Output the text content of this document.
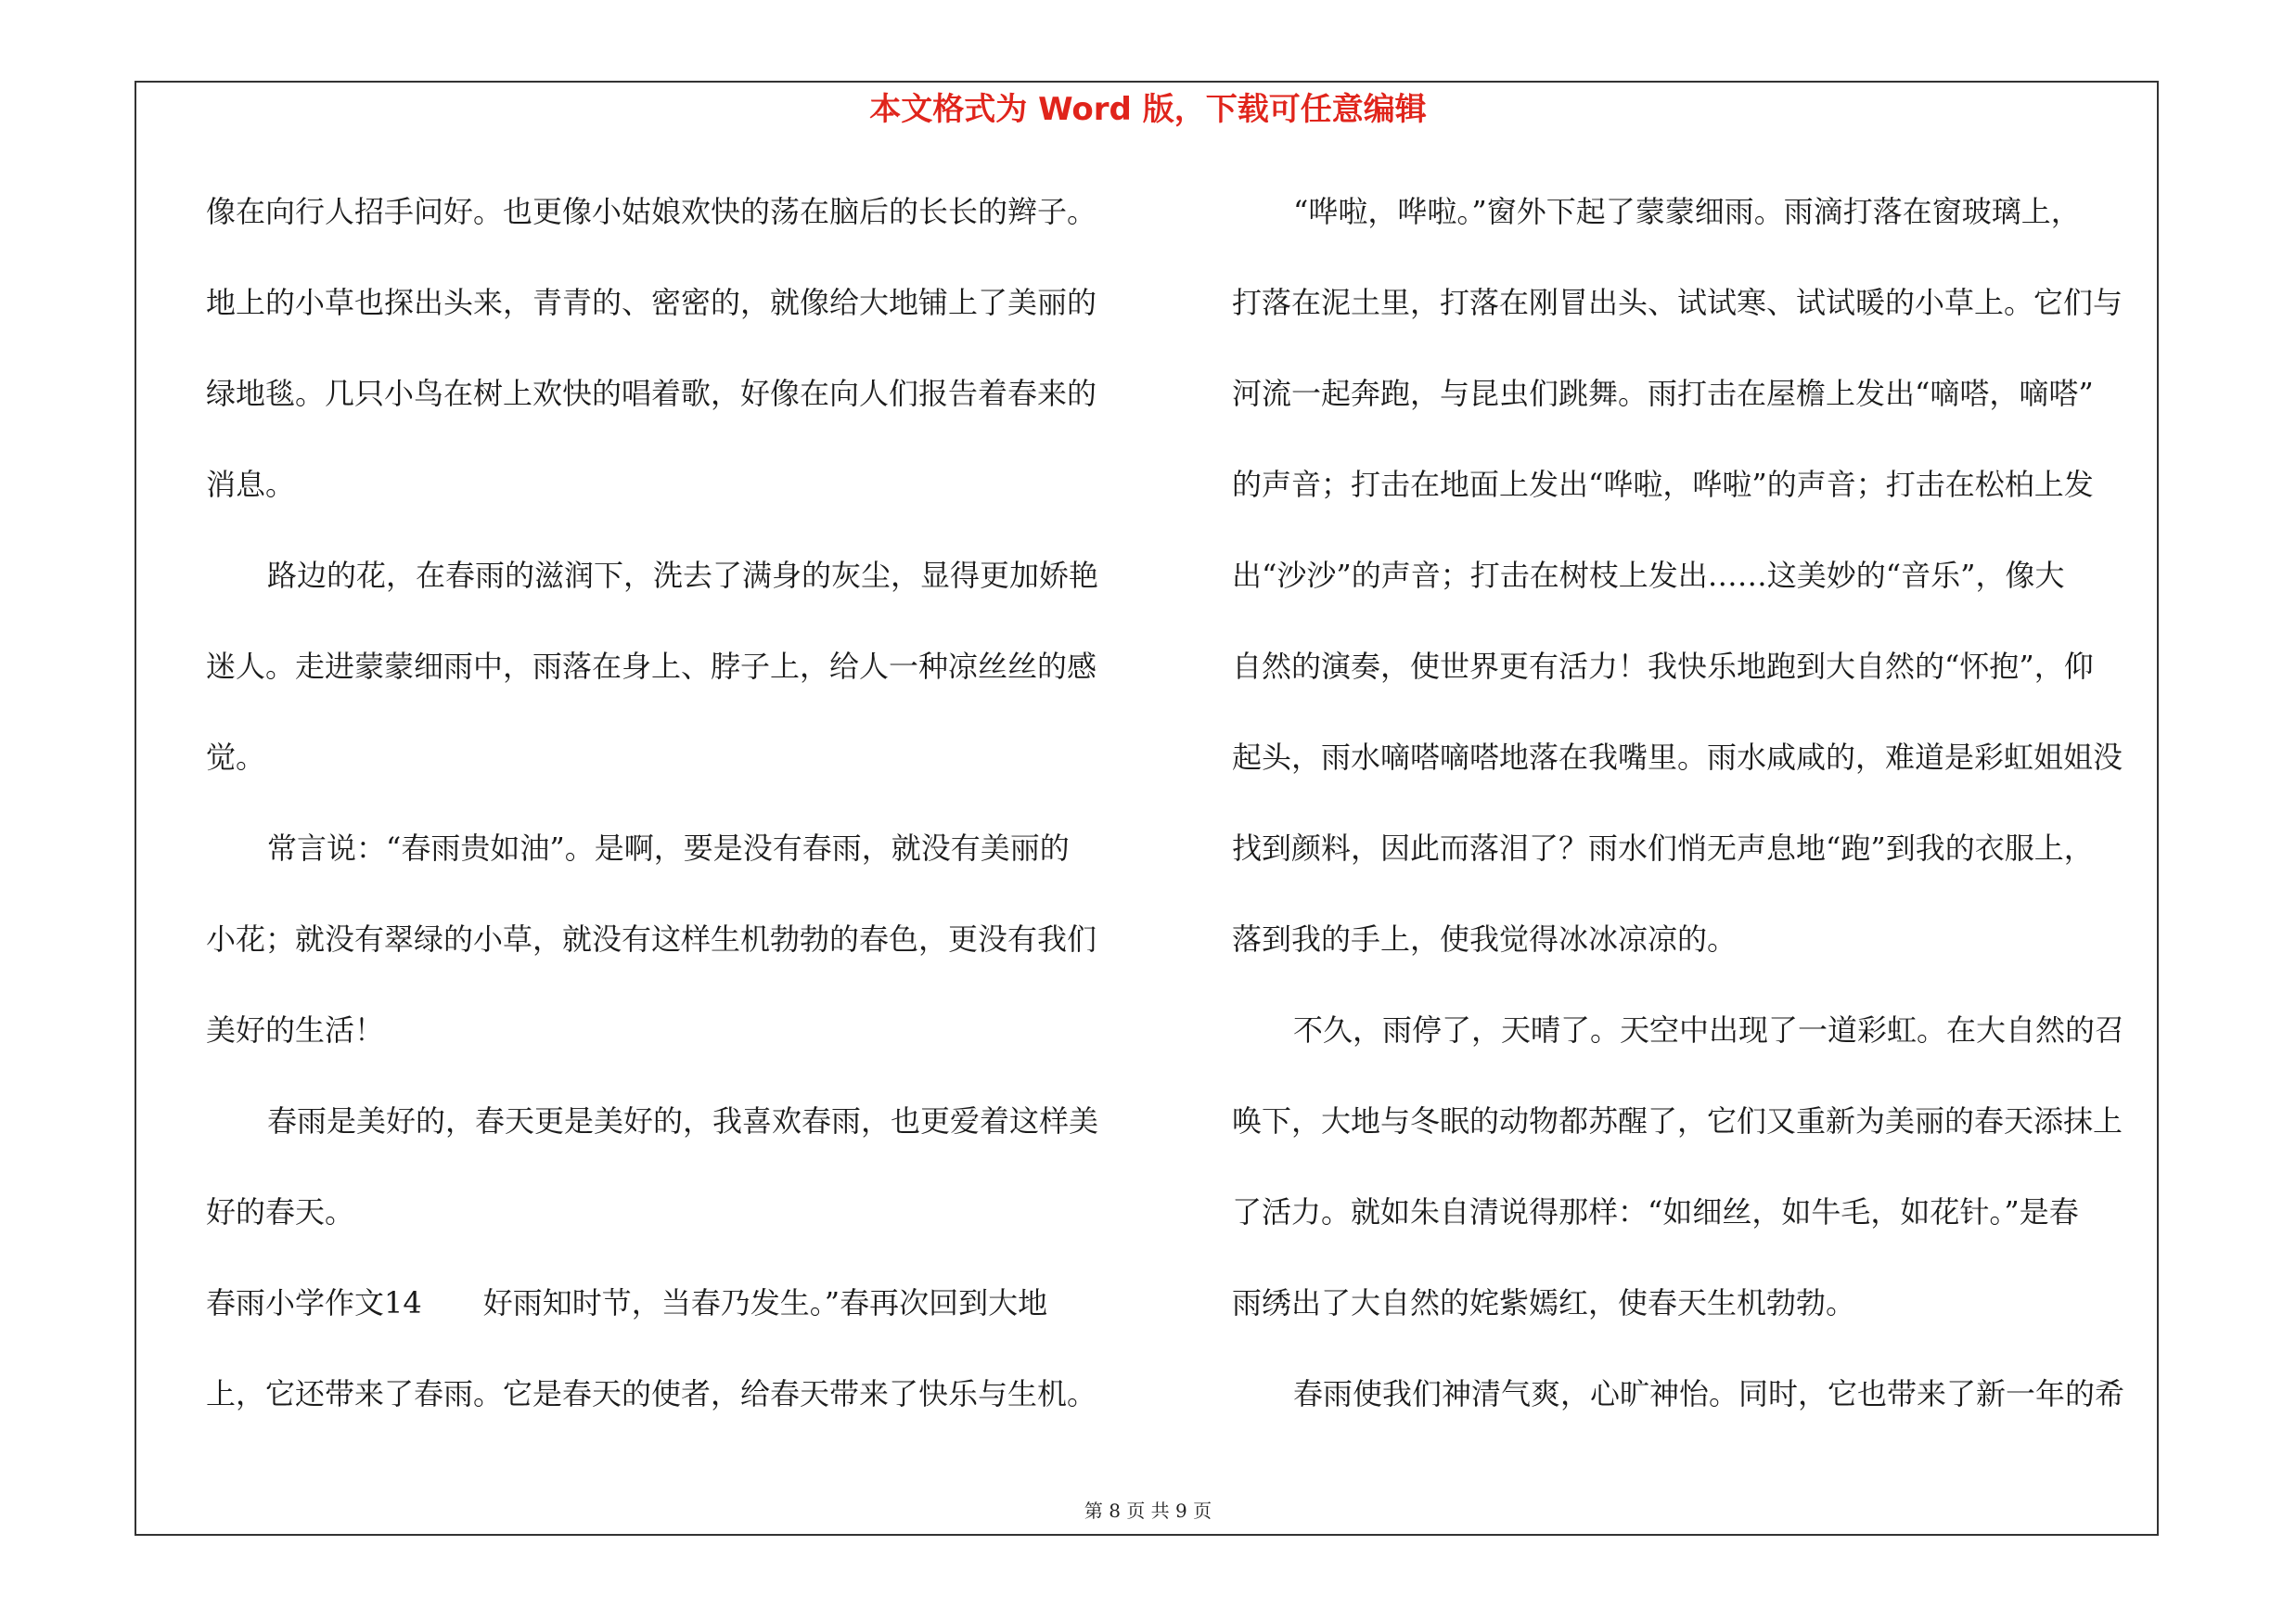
本文格式为 Word 版，下载可任意编辑
像在向行人招手问好。也更像小姑娘欢快的荡在脑后的长长的辫子。
地上的小草也探出头来，青青的、密密的，就像给大地铺上了美丽的
绿地毯。几只小鸟在树上欢快的唱着歌，好像在向人们报告着春来的
消息。
路边的花，在春雨的滋润下，洗去了满身的灰尘，显得更加娇艳
迷人。走进蒙蒙细雨中，雨落在身上、脖子上，给人一种凉丝丝的感
觉。
常言说：“春雨贵如油”。是啊，要是没有春雨，就没有美丽的
小花；就没有翠绿的小草，就没有这样生机勃勃的春色，更没有我们
美好的生活！
春雨是美好的，春天更是美好的，我喜欢春雨，也更爱着这样美
好的春天。
春雨小学作文14 好雨知时节，当春乃发生。”春再次回到大地
上，它还带来了春雨。它是春天的使者，给春天带来了快乐与生机。
“哗啦，哗啦。”窗外下起了蒙蒙细雨。雨滴打落在窗玻璃上，
打落在泥土里，打落在刚冒出头、试试寒、试试暖的小草上。它们与
河流一起奔跑，与昆虫们跳舞。雨打击在屋檐上发出“嘀嗒，嘀嗒”
的声音；打击在地面上发出“哗啦，哗啦”的声音；打击在松柏上发
出“沙沙”的声音；打击在树枝上发出……这美妙的“音乐”，像大
自然的演奏，使世界更有活力！我快乐地跑到大自然的“怀抱”，仰
起头，雨水嘀嗒嘀嗒地落在我嘴里。雨水咸咸的，难道是彩虹姐姐没
找到颜料，因此而落泪了？雨水们悄无声息地“跑”到我的衣服上，
落到我的手上，使我觉得冰冰凉凉的。
不久，雨停了，天晴了。天空中出现了一道彩虹。在大自然的召
唤下，大地与冬眠的动物都苏醒了，它们又重新为美丽的春天添抹上
了活力。就如朱自清说得那样：“如细丝，如牛毛，如花针。”是春
雨绣出了大自然的姹紫嫣红，使春天生机勃勃。
春雨使我们神清气爽，心旷神怡。同时，它也带来了新一年的希
第 8 页 共 9 页
